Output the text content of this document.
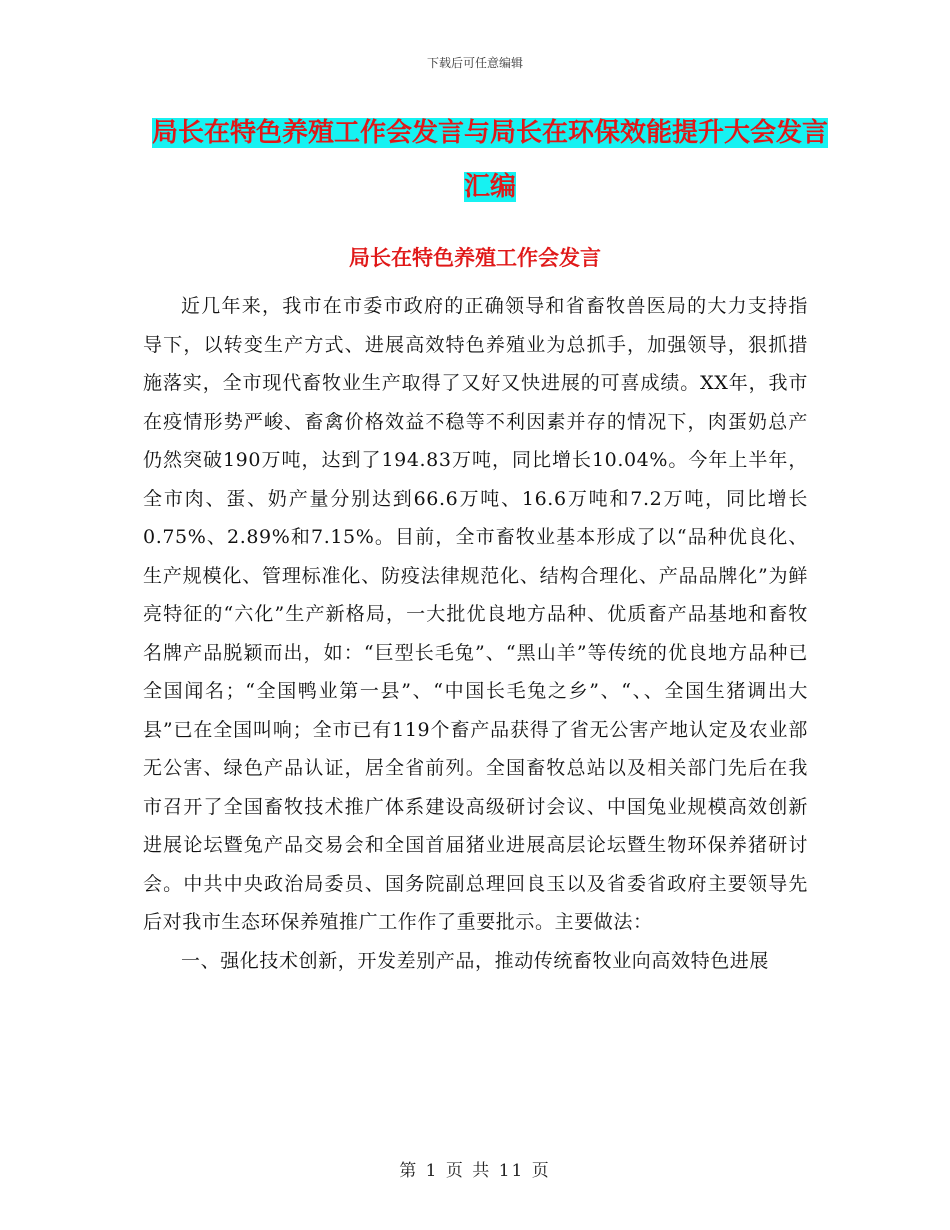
下载后可任意编辑
局长在特色养殖工作会发言与局长在环保效能提升大会发言汇编
局长在特色养殖工作会发言

近几年来，我市在市委市政府的正确领导和省畜牧兽医局的大力支持指导下，以转变生产方式、进展高效特色养殖业为总抓手，加强领导，狠抓措施落实，全市现代畜牧业生产取得了又好又快进展的可喜成绩。XX年，我市在疫情形势严峻、畜禽价格效益不稳等不利因素并存的情况下，肉蛋奶总产仍然突破190万吨，达到了194.83万吨，同比增长10.04%。今年上半年，全市肉、蛋、奶产量分别达到66.6万吨、16.6万吨和7.2万吨，同比增长0.75%、2.89%和7.15%。目前，全市畜牧业基本形成了以“品种优良化、生产规模化、管理标准化、防疫法律规范化、结构合理化、产品品牌化”为鲜亮特征的“六化”生产新格局，一大批优良地方品种、优质畜产品基地和畜牧名牌产品脱颖而出，如：“巨型长毛兔”、“黑山羊”等传统的优良地方品种已全国闻名；“全国鸭业第一县”、“中国长毛兔之乡”、“、、全国生猪调出大县”已在全国叫响；全市已有119个畜产品获得了省无公害产地认定及农业部无公害、绿色产品认证，居全省前列。全国畜牧总站以及相关部门先后在我市召开了全国畜牧技术推广体系建设高级研讨会议、中国兔业规模高效创新进展论坛暨兔产品交易会和全国首届猪业进展高层论坛暨生物环保养猪研讨会。中共中央政治局委员、国务院副总理回良玉以及省委省政府主要领导先后对我市生态环保养殖推广工作作了重要批示。主要做法：

一、强化技术创新，开发差别产品，推动传统畜牧业向高效特色进展

第 1 页 共 11 页
